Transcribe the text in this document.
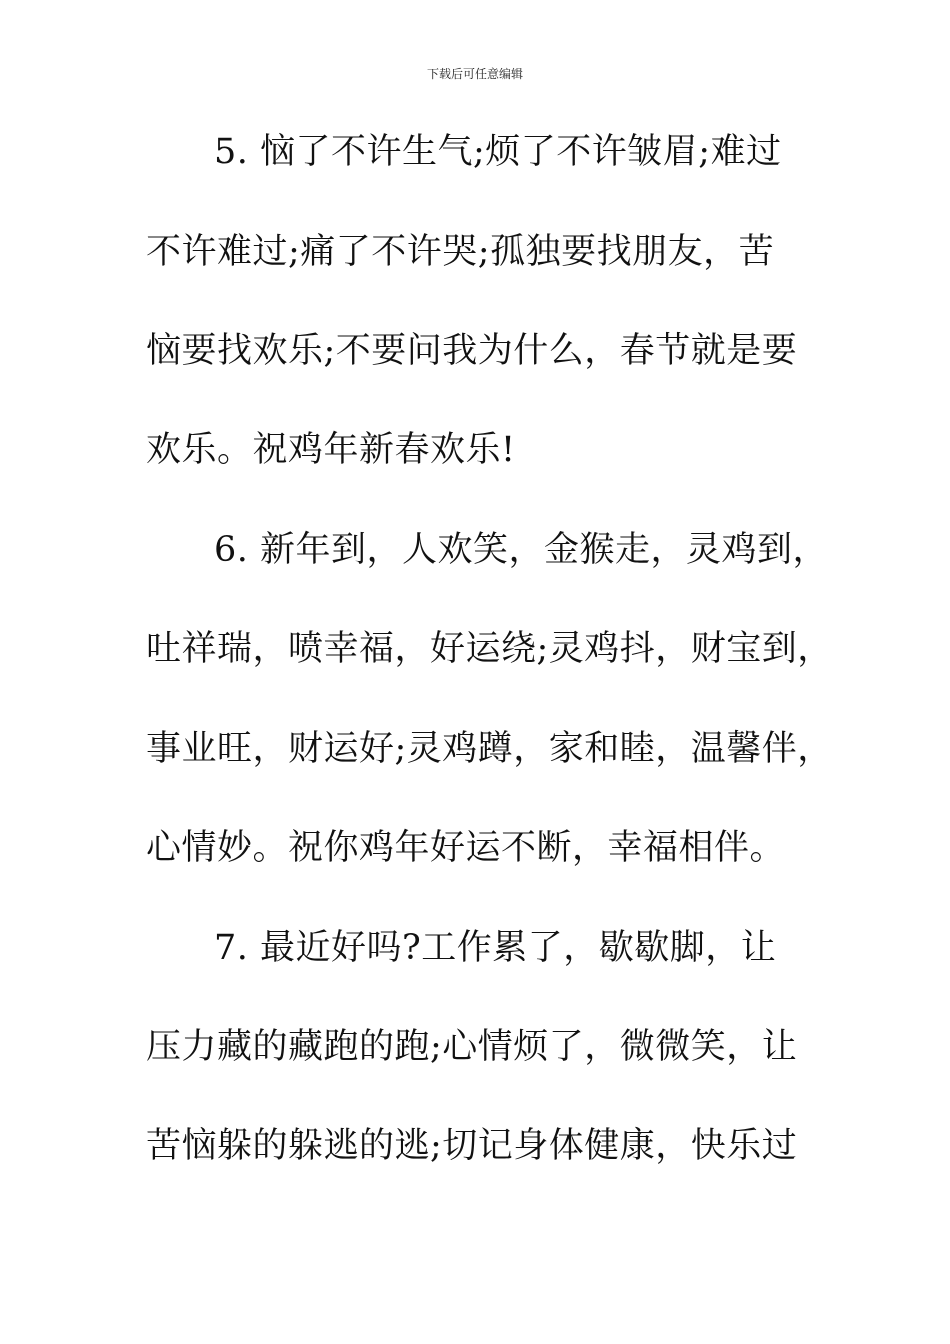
下载后可任意编辑
5. 恼了不许生气;烦了不许皱眉;难过
不许难过;痛了不许哭;孤独要找朋友，苦
恼要找欢乐;不要问我为什么，春节就是要
欢乐。祝鸡年新春欢乐!
6. 新年到，人欢笑，金猴走，灵鸡到，
吐祥瑞，喷幸福，好运绕;灵鸡抖，财宝到，
事业旺，财运好;灵鸡蹲，家和睦，温馨伴，
心情妙。祝你鸡年好运不断，幸福相伴。
7. 最近好吗?工作累了，歇歇脚，让
压力藏的藏跑的跑;心情烦了，微微笑，让
苦恼躲的躲逃的逃;切记身体健康，快乐过
